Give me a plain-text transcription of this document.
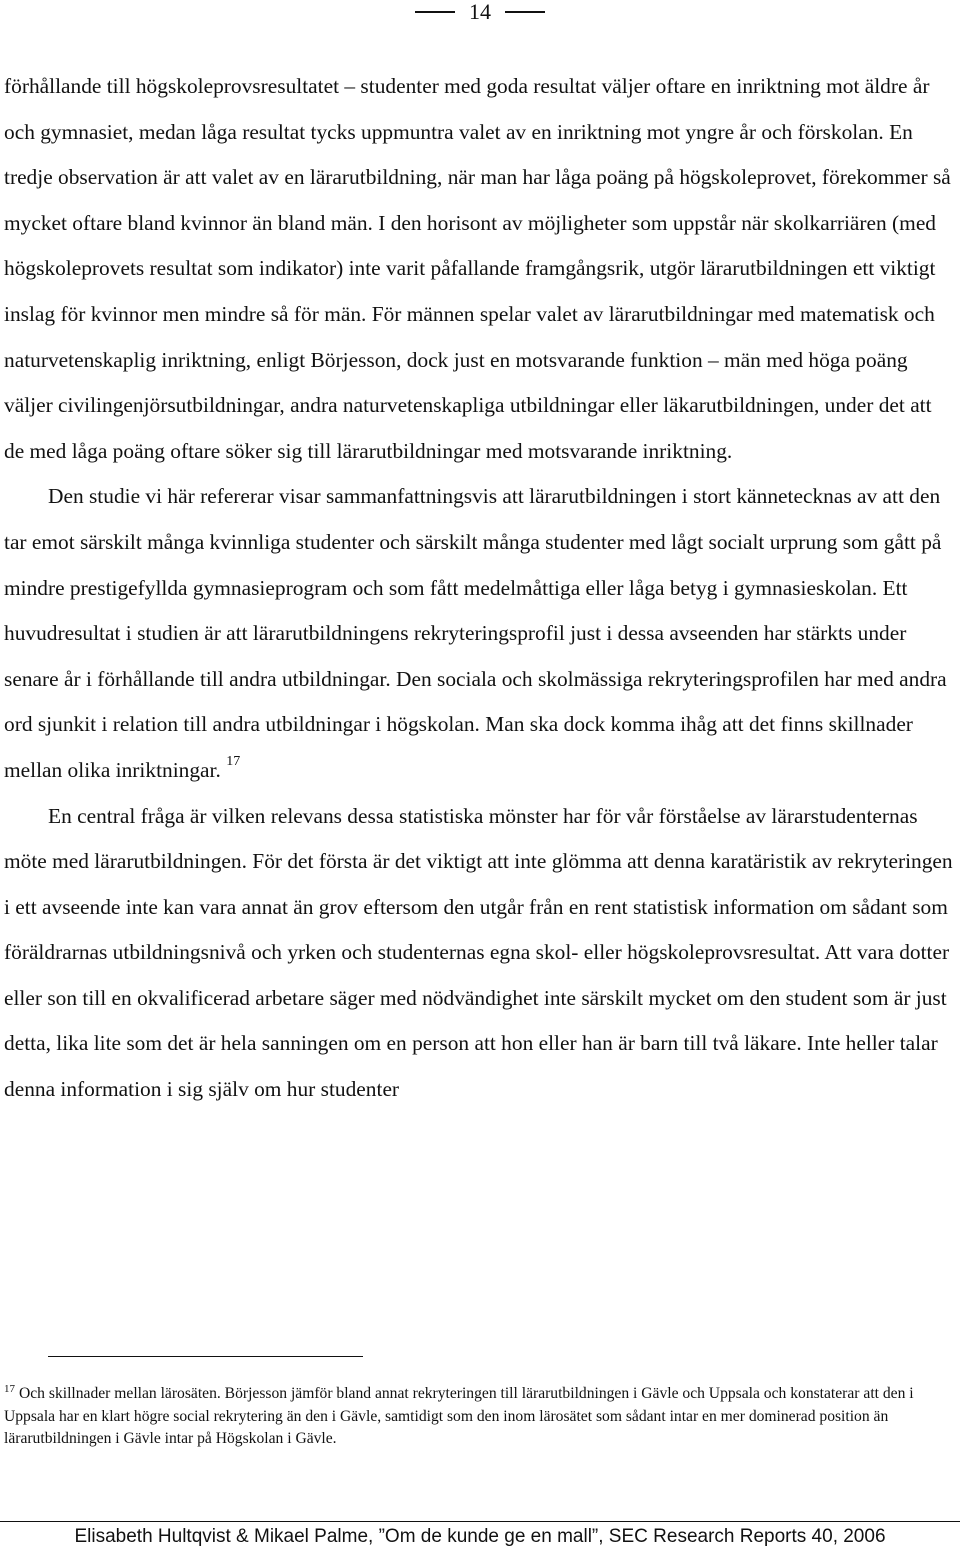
14

förhållande till högskoleprovsresultatet – studenter med goda resultat väljer oftare en inriktning mot äldre år och gymnasiet, medan låga resultat tycks uppmuntra valet av en inriktning mot yngre år och förskolan. En tredje observation är att valet av en lärarutbildning, när man har låga poäng på högskoleprovet, förekommer så mycket oftare bland kvinnor än bland män. I den horisont av möjligheter som uppstår när skolkarriären (med högskoleprovets resultat som indikator) inte varit påfallande framgångsrik, utgör lärarutbildningen ett viktigt inslag för kvinnor men mindre så för män. För männen spelar valet av lärarutbildningar med matematisk och naturvetenskaplig inriktning, enligt Börjesson, dock just en motsvarande funktion – män med höga poäng väljer civilingenjörsutbildningar, andra naturvetenskapliga utbildningar eller läkarutbildningen, under det att de med låga poäng oftare söker sig till lärarutbildningar med motsvarande inriktning.

Den studie vi här refererar visar sammanfattningsvis att lärarutbildningen i stort kännetecknas av att den tar emot särskilt många kvinnliga studenter och särskilt många studenter med lågt socialt urprung som gått på mindre prestigefyllda gymnasieprogram och som fått medelmåttiga eller låga betyg i gymnasieskolan. Ett huvudresultat i studien är att lärarutbildningens rekryteringsprofil just i dessa avseenden har stärkts under senare år i förhållande till andra utbildningar. Den sociala och skolmässiga rekryteringsprofilen har med andra ord sjunkit i relation till andra utbildningar i högskolan. Man ska dock komma ihåg att det finns skillnader mellan olika inriktningar. $^{17}$

En central fråga är vilken relevans dessa statistiska mönster har för vår förståelse av lärarstudenternas möte med lärarutbildningen. För det första är det viktigt att inte glömma att denna karatäristik av rekryteringen i ett avseende inte kan vara annat än grov eftersom den utgår från en rent statistisk information om sådant som föräldrarnas utbildningsnivå och yrken och studenternas egna skol- eller högskoleprovsresultat. Att vara dotter eller son till en okvalificerad arbetare säger med nödvändighet inte särskilt mycket om den student som är just detta, lika lite som det är hela sanningen om en person att hon eller han är barn till två läkare. Inte heller talar denna information i sig själv om hur studenter

$^{17}$ Och skillnader mellan lärosäten. Börjesson jämför bland annat rekryteringen till lärarutbildningen i Gävle och Uppsala och konstaterar att den i Uppsala har en klart högre social rekrytering än den i Gävle, samtidigt som den inom lärosätet som sådant intar en mer dominerad position än lärarutbildningen i Gävle intar på Högskolan i Gävle.
Elisabeth Hultqvist & Mikael Palme, ”Om de kunde ge en mall”, SEC Research Reports 40, 2006
